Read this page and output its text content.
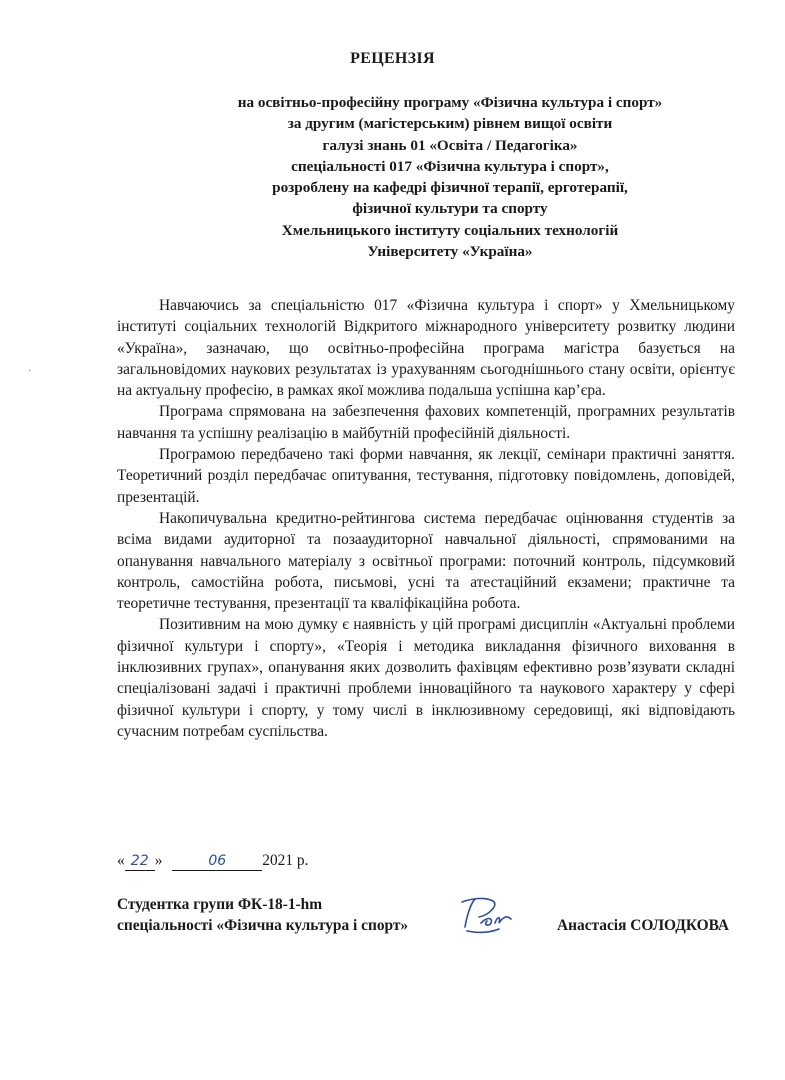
РЕЦЕНЗІЯ
на освітньо-професійну програму «Фізична культура і спорт»
за другим (магістерським) рівнем вищої освіти
галузі знань 01 «Освіта / Педагогіка»
спеціальності 017 «Фізична культура і спорт»,
розроблену на кафедрі фізичної терапії, ерготерапії,
фізичної культури та спорту
Хмельницького інституту соціальних технологій
Університету «Україна»
·

Навчаючись за спеціальністю 017 «Фізична культура і спорт» у Хмельницькому інституті соціальних технологій Відкритого міжнародного університету розвитку людини «Україна», зазначаю, що освітньо-професійна програма магістра базується на загальновідомих наукових результатах із урахуванням сьогоднішнього стану освіти, орієнтує на актуальну професію, в рамках якої можлива подальша успішна кар’єра.

Програма спрямована на забезпечення фахових компетенцій, програмних результатів навчання та успішну реалізацію в майбутній професійній діяльності.

Програмою передбачено такі форми навчання, як лекції, семінари практичні заняття. Теоретичний розділ передбачає опитування, тестування, підготовку повідомлень, доповідей, презентацій.

Накопичувальна кредитно-рейтингова система передбачає оцінювання студентів за всіма видами аудиторної та позааудиторної навчальної діяльності, спрямованими на опанування навчального матеріалу з освітньої програми: поточний контроль, підсумковий контроль, самостійна робота, письмові, усні та атестаційний екзамени; практичне та теоретичне тестування, презентації та кваліфікаційна робота.

Позитивним на мою думку є наявність у цій програмі дисциплін «Актуальні проблеми фізичної культури і спорту», «Теорія і методика викладання фізичного виховання в інклюзивних групах», опанування яких дозволить фахівцям ефективно розв’язувати складні спеціалізовані задачі і практичні проблеми інноваційного та наукового характеру у сфері фізичної культури і спорту, у тому числі в інклюзивному середовищі, які відповідають сучасним потребам суспільства.

« 22 »	06 2021 р.
Студентка групи ФК-18-1-hm
спеціальності «Фізична культура і спорт»	Анастасія СОЛОДКОВА
